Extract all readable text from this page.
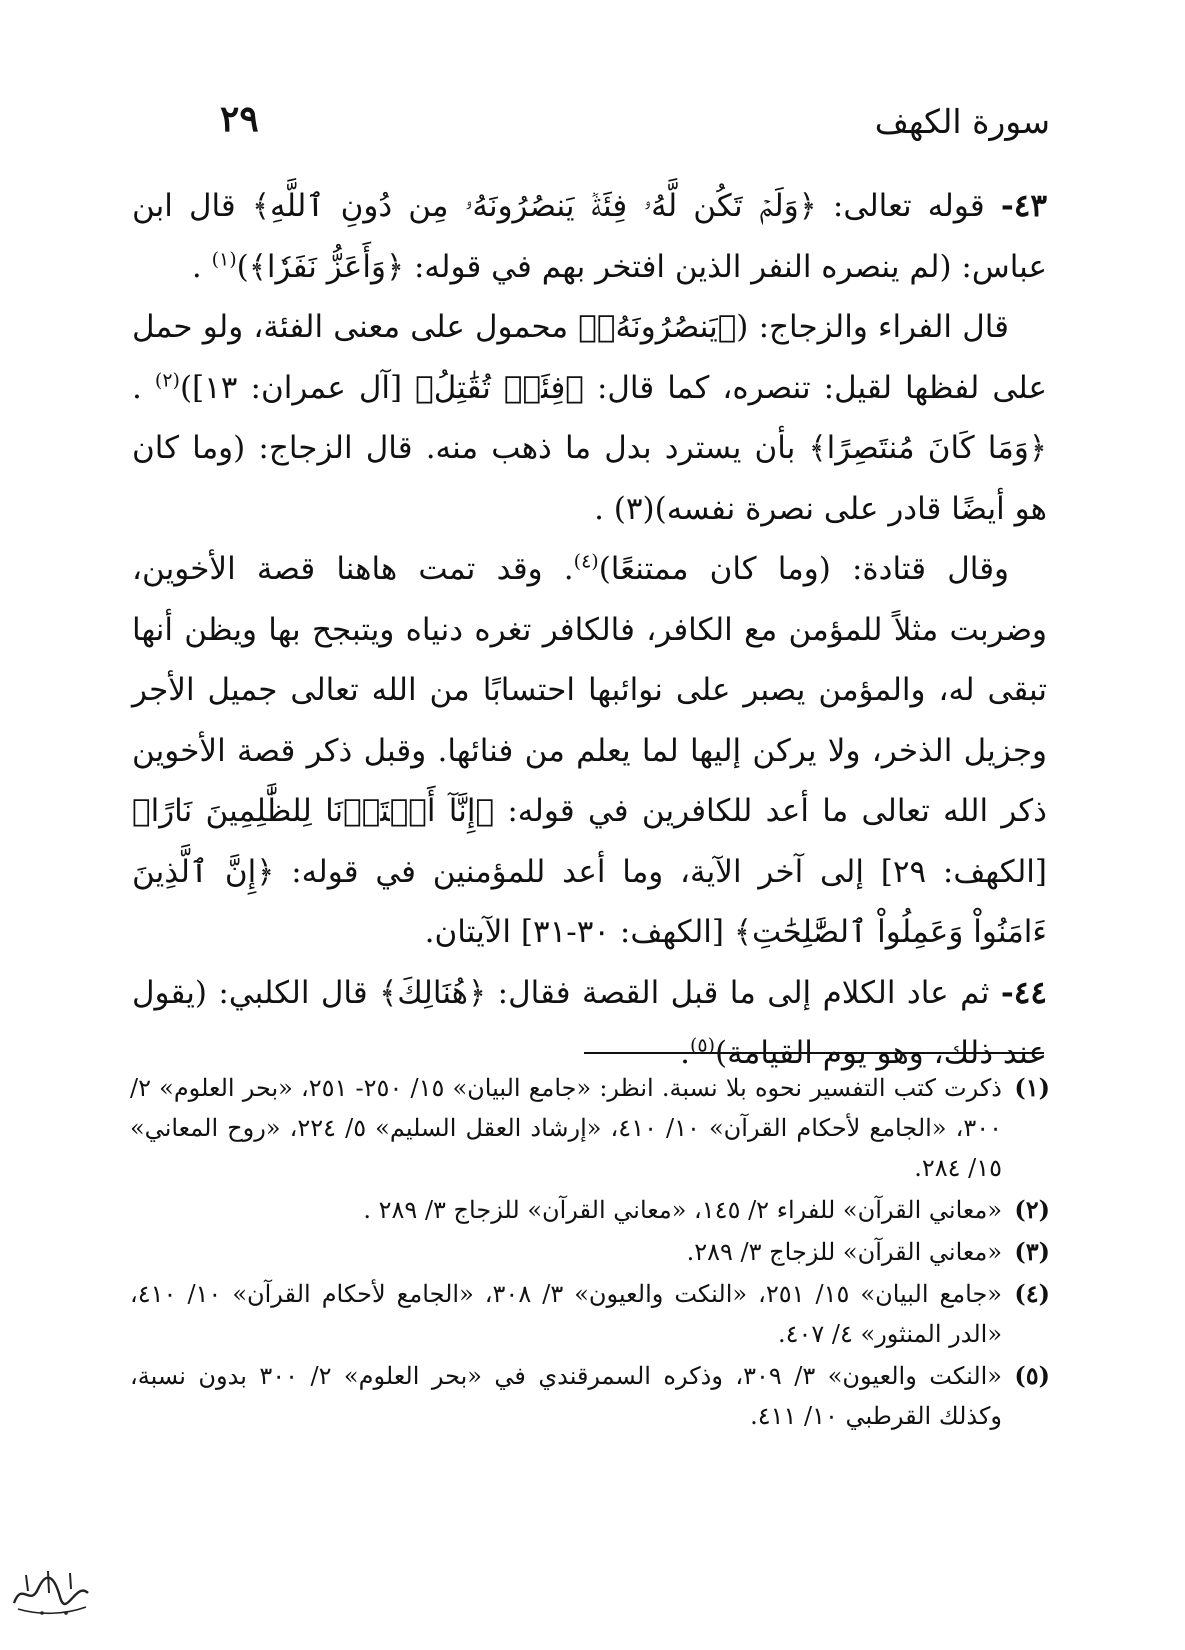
سورة الكهف
٢٩

٤٣- قوله تعالى: ﴿وَلَمۡ تَكُن لَّهُۥ فِئَةٞ يَنصُرُونَهُۥ مِن دُونِ ٱللَّهِ﴾ قال ابن عباس: (لم ينصره النفر الذين افتخر بهم في قوله: ﴿وَأَعَزُّ نَفَرٗا﴾)$^{(١)}$ .

قال الفراء والزجاج: (﴿يَنصُرُونَهُۥ﴾ محمول على معنى الفئة، ولو حمل على لفظها لقيل: تنصره، كما قال: ﴿فِئَةٞ تُقَٰتِلُ﴾ [آل عمران: ١٣])$^{(٢)}$ .﴿وَمَا كَانَ مُنتَصِرًا﴾ بأن يسترد بدل ما ذهب منه. قال الزجاج: (وما كان هو أيضًا قادر على نصرة نفسه)(٣) .

وقال قتادة: (وما كان ممتنعًا)$^{(٤)}$. وقد تمت هاهنا قصة الأخوين، وضربت مثلاً للمؤمن مع الكافر، فالكافر تغره دنياه ويتبجح بها ويظن أنها تبقى له، والمؤمن يصبر على نوائبها احتسابًا من الله تعالى جميل الأجر وجزيل الذخر، ولا يركن إليها لما يعلم من فنائها. وقبل ذكر قصة الأخوين ذكر الله تعالى ما أعد للكافرين في قوله: ﴿إِنَّآ أَعۡتَدۡنَا لِلظَّٰلِمِينَ نَارًا﴾ [الكهف: ٢٩] إلى آخر الآية، وما أعد للمؤمنين في قوله: ﴿إِنَّ ٱلَّذِينَ ءَامَنُواْ وَعَمِلُواْ ٱلصَّٰلِحَٰتِ﴾ [الكهف: ٣٠-٣١] الآيتان.

٤٤- ثم عاد الكلام إلى ما قبل القصة فقال: ﴿هُنَالِكَ﴾ قال الكلبي: (يقول عند ذلك، وهو يوم القيامة)$^{(٥)}$.

(١)
ذكرت كتب التفسير نحوه بلا نسبة. انظر: «جامع البيان» ١٥/ ٢٥٠- ٢٥١، «بحر العلوم» ٢/ ٣٠٠، «الجامع لأحكام القرآن» ١٠/ ٤١٠، «إرشاد العقل السليم» ٥/ ٢٢٤، «روح المعاني» ١٥/ ٢٨٤.
(٢)
«معاني القرآن» للفراء ٢/ ١٤٥، «معاني القرآن» للزجاج ٣/ ٢٨٩ .
(٣)
«معاني القرآن» للزجاج ٣/ ٢٨٩.
(٤)
«جامع البيان» ١٥/ ٢٥١، «النكت والعيون» ٣/ ٣٠٨، «الجامع لأحكام القرآن» ١٠/ ٤١٠، «الدر المنثور» ٤/ ٤٠٧.
(٥)
«النكت والعيون» ٣/ ٣٠٩، وذكره السمرقندي في «بحر العلوم» ٢/ ٣٠٠ بدون نسبة، وكذلك القرطبي ١٠/ ٤١١.
